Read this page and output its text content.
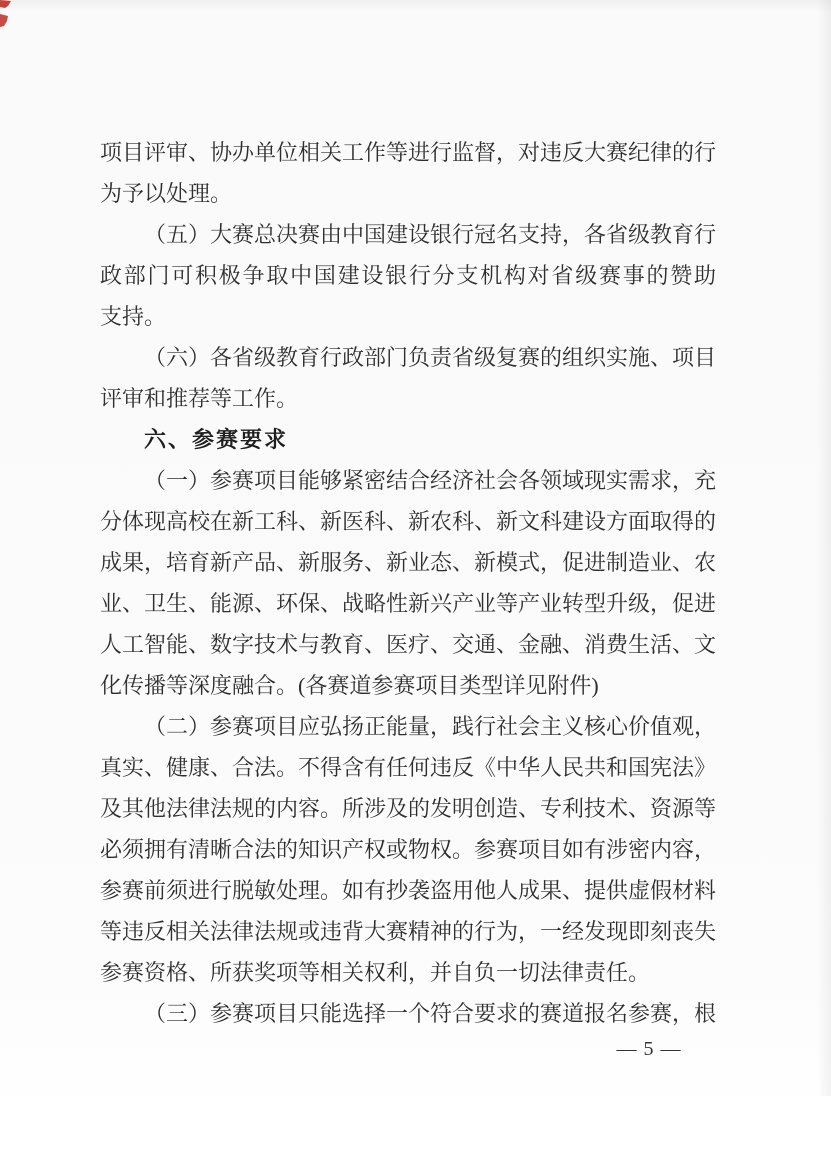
项目评审、协办单位相关工作等进行监督，对违反大赛纪律的行
为予以处理。
（五）大赛总决赛由中国建设银行冠名支持，各省级教育行
政部门可积极争取中国建设银行分支机构对省级赛事的赞助
支持。
（六）各省级教育行政部门负责省级复赛的组织实施、项目
评审和推荐等工作。
六、参赛要求
（一）参赛项目能够紧密结合经济社会各领域现实需求，充
分体现高校在新工科、新医科、新农科、新文科建设方面取得的
成果，培育新产品、新服务、新业态、新模式，促进制造业、农
业、卫生、能源、环保、战略性新兴产业等产业转型升级，促进
人工智能、数字技术与教育、医疗、交通、金融、消费生活、文
化传播等深度融合。(各赛道参赛项目类型详见附件)
（二）参赛项目应弘扬正能量，践行社会主义核心价值观，
真实、健康、合法。不得含有任何违反《中华人民共和国宪法》
及其他法律法规的内容。所涉及的发明创造、专利技术、资源等
必须拥有清晰合法的知识产权或物权。参赛项目如有涉密内容，
参赛前须进行脱敏处理。如有抄袭盗用他人成果、提供虚假材料
等违反相关法律法规或违背大赛精神的行为，一经发现即刻丧失
参赛资格、所获奖项等相关权利，并自负一切法律责任。
（三）参赛项目只能选择一个符合要求的赛道报名参赛，根
— 5 —
